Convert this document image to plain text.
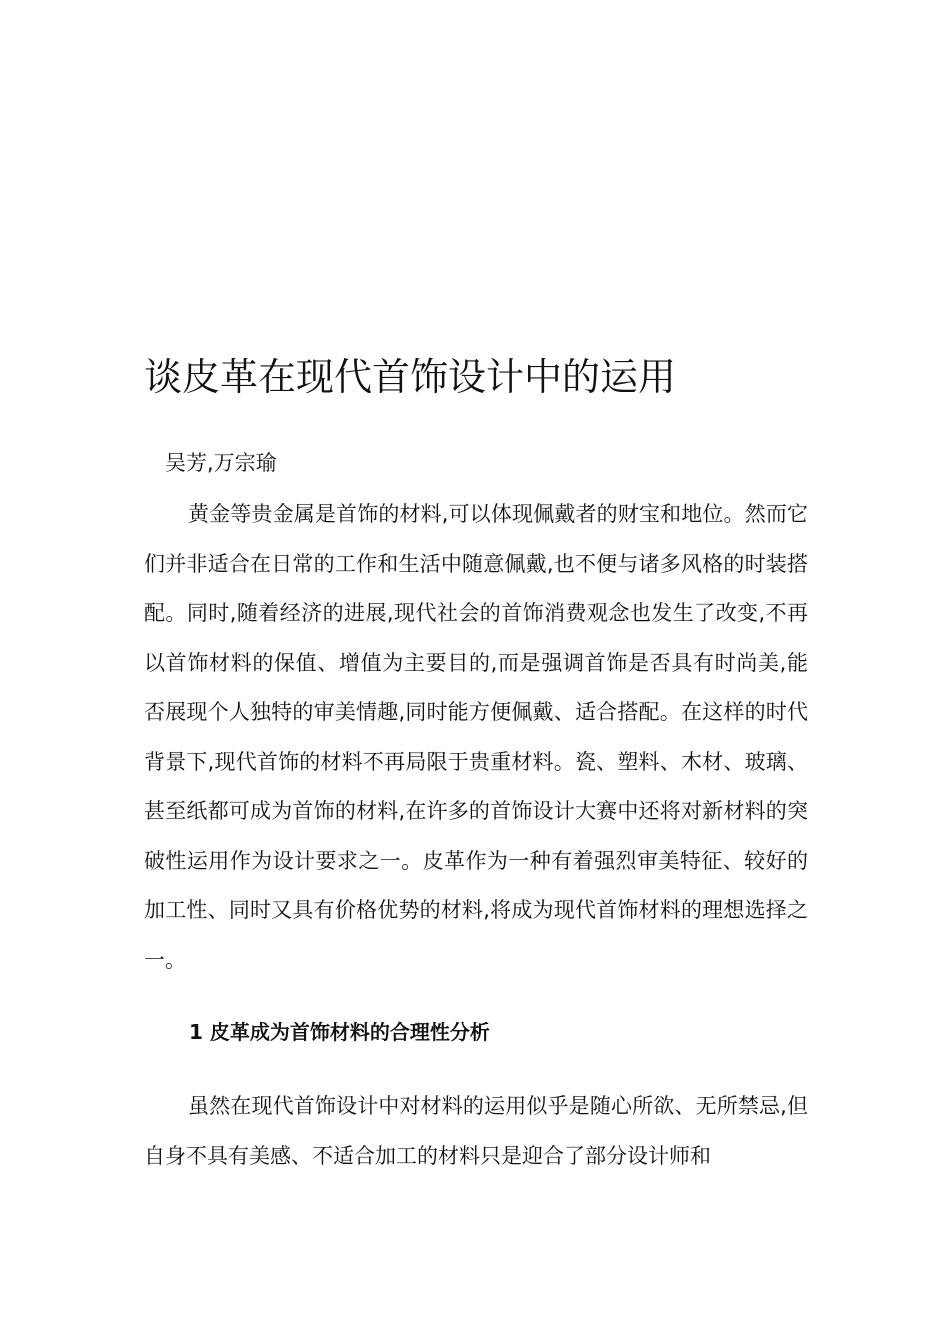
谈皮革在现代首饰设计中的运用
吴芳,万宗瑜

黄金等贵金属是首饰的材料,可以体现佩戴者的财宝和地位。然而它们并非适合在日常的工作和生活中随意佩戴,也不便与诸多风格的时装搭配。同时,随着经济的进展,现代社会的首饰消费观念也发生了改变,不再以首饰材料的保值、增值为主要目的,而是强调首饰是否具有时尚美,能否展现个人独特的审美情趣,同时能方便佩戴、适合搭配。在这样的时代背景下,现代首饰的材料不再局限于贵重材料。瓷、塑料、木材、玻璃、甚至纸都可成为首饰的材料,在许多的首饰设计大赛中还将对新材料的突破性运用作为设计要求之一。皮革作为一种有着强烈审美特征、较好的加工性、同时又具有价格优势的材料,将成为现代首饰材料的理想选择之一。

1 皮革成为首饰材料的合理性分析

虽然在现代首饰设计中对材料的运用似乎是随心所欲、无所禁忌,但自身不具有美感、不适合加工的材料只是迎合了部分设计师和
